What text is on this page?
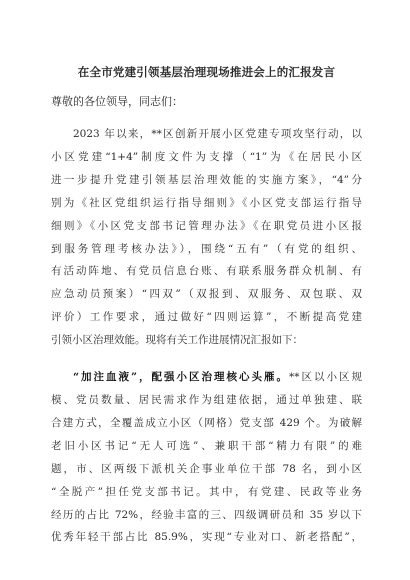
在全市党建引领基层治理现场推进会上的汇报发言
尊敬的各位领导，同志们：
2023 年以来，**区创新开展小区党建专项攻坚行动，以
小区党建“1+4”制度文件为支撑（“1”为《在居民小区
进一步提升党建引领基层治理效能的实施方案》，“4”分
别为《社区党组织运行指导细则》《小区党支部运行指导
细则》《小区党支部书记管理办法》《在职党员进小区报
到服务管理考核办法》），围绕“五有”（有党的组织、
有活动阵地、有党员信息台账、有联系服务群众机制、有
应急动员预案）“四双”（双报到、双服务、双包联、双
评价）工作要求，通过做好“四则运算”，不断提高党建
引领小区治理效能。现将有关工作进展情况汇报如下：
“加注血液”，配强小区治理核心头雁。**区以小区规
模、党员数量、居民需求作为组建依据，通过单独建、联
合建方式，全覆盖成立小区（网格）党支部 429 个。为破解
老旧小区书记“无人可选”、兼职干部“精力有限”的难
题，市、区两级下派机关企事业单位干部 78 名，到小区
“全脱产”担任党支部书记。其中，有党建、民政等业务
经历的占比 72%，经验丰富的三、四级调研员和 35 岁以下
优秀年轻干部占比 85.9%，实现“专业对口、新老搭配”，
